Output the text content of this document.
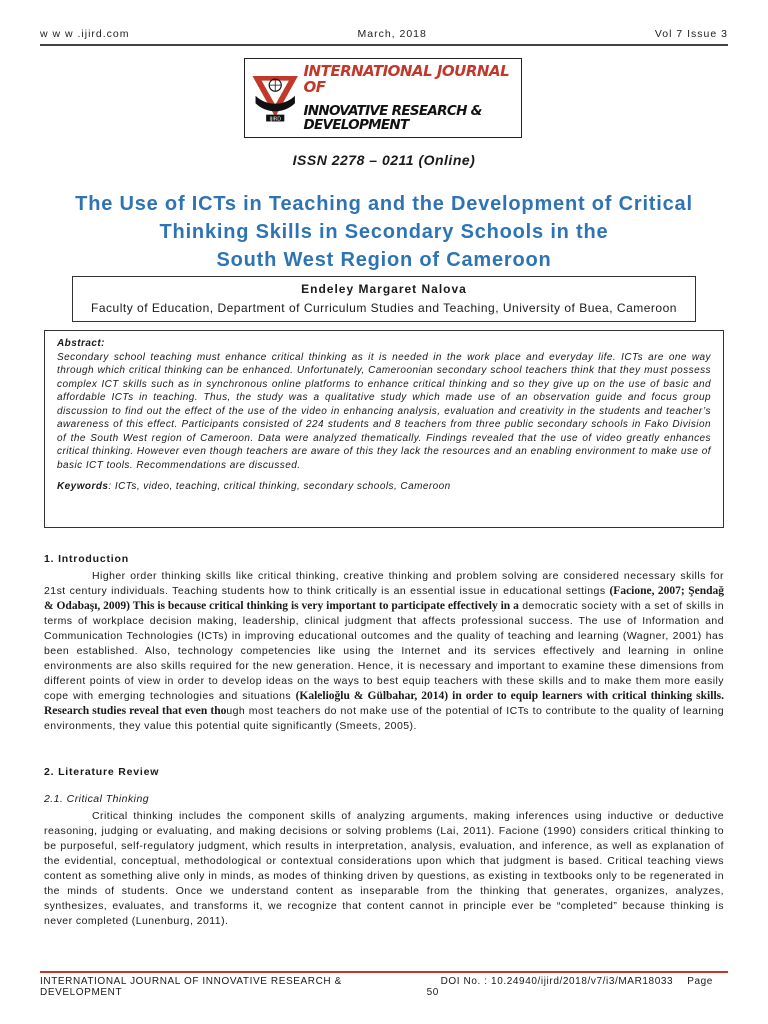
w w w .ijird.com	March, 2018	Vol 7 Issue 3
IJIRD
INTERNATIONAL JOURNAL OF
INNOVATIVE RESEARCH & DEVELOPMENT
ISSN 2278 – 0211 (Online)
The Use of ICTs in Teaching and the Development of Critical
Thinking Skills in Secondary Schools in the
South West Region of Cameroon
Endeley Margaret Nalova
Faculty of Education, Department of Curriculum Studies and Teaching, University of Buea, Cameroon
Abstract:

Secondary school teaching must enhance critical thinking as it is needed in the work place and everyday life. ICTs are one way through which critical thinking can be enhanced. Unfortunately, Cameroonian secondary school teachers think that they must possess complex ICT skills such as in synchronous online platforms to enhance critical thinking and so they give up on the use of basic and affordable ICTs in teaching. Thus, the study was a qualitative study which made use of an observation guide and focus group discussion to find out the effect of the use of the video in enhancing analysis, evaluation and creativity in the students and teacher’s awareness of this effect. Participants consisted of 224 students and 8 teachers from three public secondary schools in Fako Division of the South West region of Cameroon. Data were analyzed thematically. Findings revealed that the use of video greatly enhances critical thinking. However even though teachers are aware of this they lack the resources and an enabling environment to make use of basic ICT tools. Recommendations are discussed.

Keywords: ICTs, video, teaching, critical thinking, secondary schools, Cameroon

1. Introduction

Higher order thinking skills like critical thinking, creative thinking and problem solving are considered necessary skills for 21st century individuals. Teaching students how to think critically is an essential issue in educational settings (Facione, 2007; Şendağ & Odabaşı, 2009) This is because critical thinking is very important to participate effectively in a democratic society with a set of skills in terms of workplace decision making, leadership, clinical judgment that affects professional success. The use of Information and Communication Technologies (ICTs) in improving educational outcomes and the quality of teaching and learning (Wagner, 2001) has been established. Also, technology competencies like using the Internet and its services effectively and learning in online environments are also skills required for the new generation. Hence, it is necessary and important to examine these dimensions from different points of view in order to develop ideas on the ways to best equip teachers with these skills and to make them more easily cope with emerging technologies and situations (Kalelioğlu & Gülbahar, 2014) in order to equip learners with critical thinking skills. Research studies reveal that even though most teachers do not make use of the potential of ICTs to contribute to the quality of learning environments, they value this potential quite significantly (Smeets, 2005).

2. Literature Review
2.1. Critical Thinking

Critical thinking includes the component skills of analyzing arguments, making inferences using inductive or deductive reasoning, judging or evaluating, and making decisions or solving problems (Lai, 2011). Facione (1990) considers critical thinking to be purposeful, self-regulatory judgment, which results in interpretation, analysis, evaluation, and inference, as well as explanation of the evidential, conceptual, methodological or contextual considerations upon which that judgment is based. Critical teaching views content as something alive only in minds, as modes of thinking driven by questions, as existing in textbooks only to be regenerated in the minds of students. Once we understand content as inseparable from the thinking that generates, organizes, analyzes, synthesizes, evaluates, and transforms it, we recognize that content cannot in principle ever be “completed” because thinking is never completed (Lunenburg, 2011).

INTERNATIONAL JOURNAL OF INNOVATIVE RESEARCH & DEVELOPMENT
DOI No. : 10.24940/ijird/2018/v7/i3/MAR18033 Page 50
